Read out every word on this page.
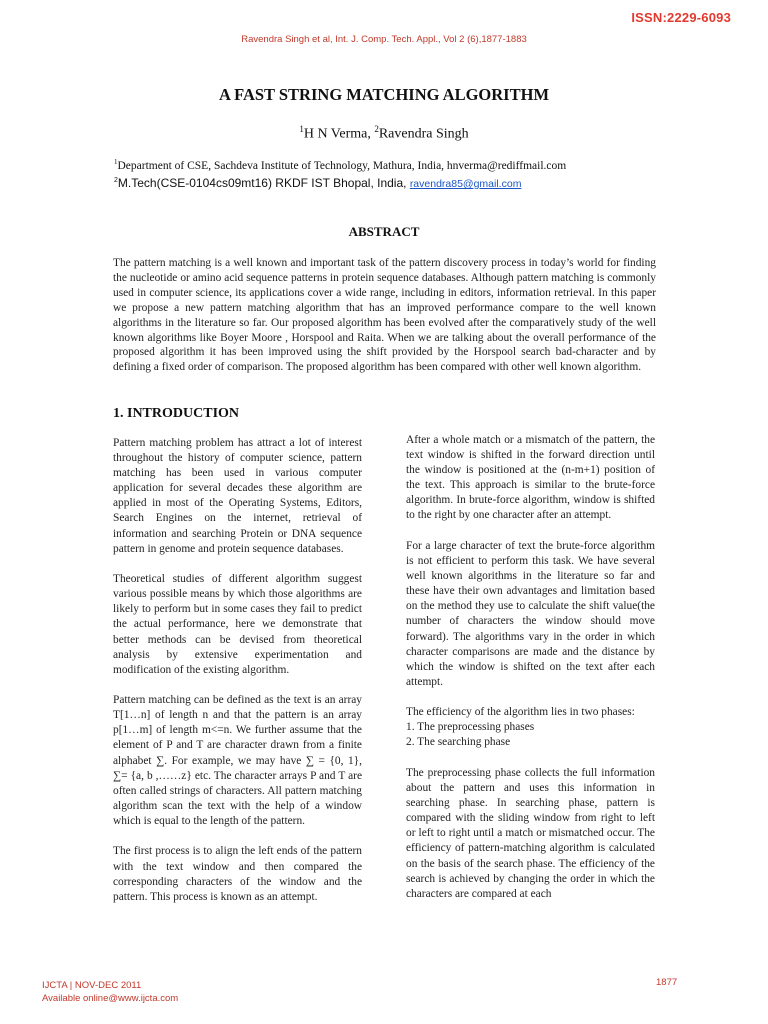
ISSN:2229-6093
Ravendra Singh et al, Int. J. Comp. Tech. Appl., Vol 2 (6),1877-1883
A FAST STRING MATCHING ALGORITHM
$^1$H N Verma, $^2$Ravendra Singh
$^1$Department of CSE, Sachdeva Institute of Technology, Mathura, India, hnverma@rediffmail.com
$^2$M.Tech(CSE-0104cs09mt16) RKDF IST Bhopal, India, ravendra85@gmail.com
ABSTRACT

The pattern matching is a well known and important task of the pattern discovery process in today’s world for finding the nucleotide or amino acid sequence patterns in protein sequence databases. Although pattern matching is commonly used in computer science, its applications cover a wide range, including in editors, information retrieval. In this paper we propose a new pattern matching algorithm that has an improved performance compare to the well known algorithms in the literature so far. Our proposed algorithm has been evolved after the comparatively study of the well known algorithms like Boyer Moore , Horspool and Raita. When we are talking about the overall performance of the proposed algorithm it has been improved using the shift provided by the Horspool search bad-character and by defining a fixed order of comparison. The proposed algorithm has been compared with other well known algorithm.

1. INTRODUCTION

Pattern matching problem has attract a lot of interest throughout the history of computer science, pattern matching has been used in various computer application for several decades these algorithm are applied in most of the Operating Systems, Editors, Search Engines on the internet, retrieval of information and searching Protein or DNA sequence pattern in genome and protein sequence databases.

Theoretical studies of different algorithm suggest various possible means by which those algorithms are likely to perform but in some cases they fail to predict the actual performance, here we demonstrate that better methods can be devised from theoretical analysis by extensive experimentation and modification of the existing algorithm.

Pattern matching can be defined as the text is an array T[1…n] of length n and that the pattern is an array p[1…m] of length m<=n. We further assume that the element of P and T are character drawn from a finite alphabet ∑. For example, we may have ∑ = {0, 1}, ∑= {a, b ,……z} etc. The character arrays P and T are often called strings of characters. All pattern matching algorithm scan the text with the help of a window which is equal to the length of the pattern.

The first process is to align the left ends of the pattern with the text window and then compared the corresponding characters of the window and the pattern. This process is known as an attempt.

After a whole match or a mismatch of the pattern, the text window is shifted in the forward direction until the window is positioned at the (n-m+1) position of the text. This approach is similar to the brute-force algorithm. In brute-force algorithm, window is shifted to the right by one character after an attempt.

For a large character of text the brute-force algorithm is not efficient to perform this task. We have several well known algorithms in the literature so far and these have their own advantages and limitation based on the method they use to calculate the shift value(the number of characters the window should move forward). The algorithms vary in the order in which character comparisons are made and the distance by which the window is shifted on the text after each attempt.

The efficiency of the algorithm lies in two phases:
1. The preprocessing phases
2. The searching phase

The preprocessing phase collects the full information about the pattern and uses this information in searching phase. In searching phase, pattern is compared with the sliding window from right to left or left to right until a match or mismatched occur. The efficiency of pattern-matching algorithm is calculated on the basis of the search phase. The efficiency of the search is achieved by changing the order in which the characters are compared at each

IJCTA | NOV-DEC 2011
Available online@www.ijcta.com
1877
